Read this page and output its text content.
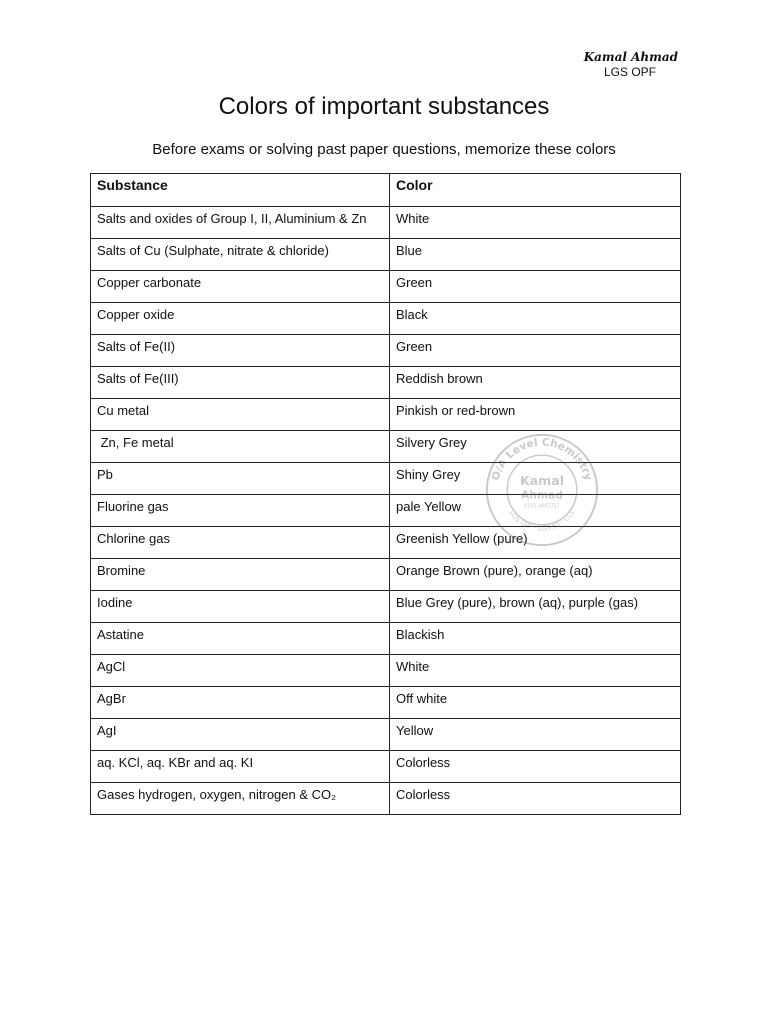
Kamal Ahmad
LGS OPF
Colors of important substances

Before exams or solving past paper questions, memorize these colors

Substance	Color
Salts and oxides of Group I, II, Aluminium & Zn	White
Salts of Cu (Sulphate, nitrate & chloride)	Blue
Copper carbonate	Green
Copper oxide	Black
Salts of Fe(II)	Green
Salts of Fe(III)	Reddish brown
Cu metal	Pinkish or red-brown
Zn, Fe metal	Silvery Grey
Pb	Shiny Grey
Fluorine gas	pale Yellow
Chlorine gas	Greenish Yellow (pure)
Bromine	Orange Brown (pure), orange (aq)
Iodine	Blue Grey (pure), brown (aq), purple (gas)
Astatine	Blackish
AgCl	White
AgBr	Off white
AgI	Yellow
aq. KCl, aq. KBr and aq. KI	Colorless
Gases hydrogen, oxygen, nitrogen & CO₂	Colorless
O/A Level Chemistry
LGS OPF · LGS 55 · CLS
Kamal
Ahmad
0333-4067757
